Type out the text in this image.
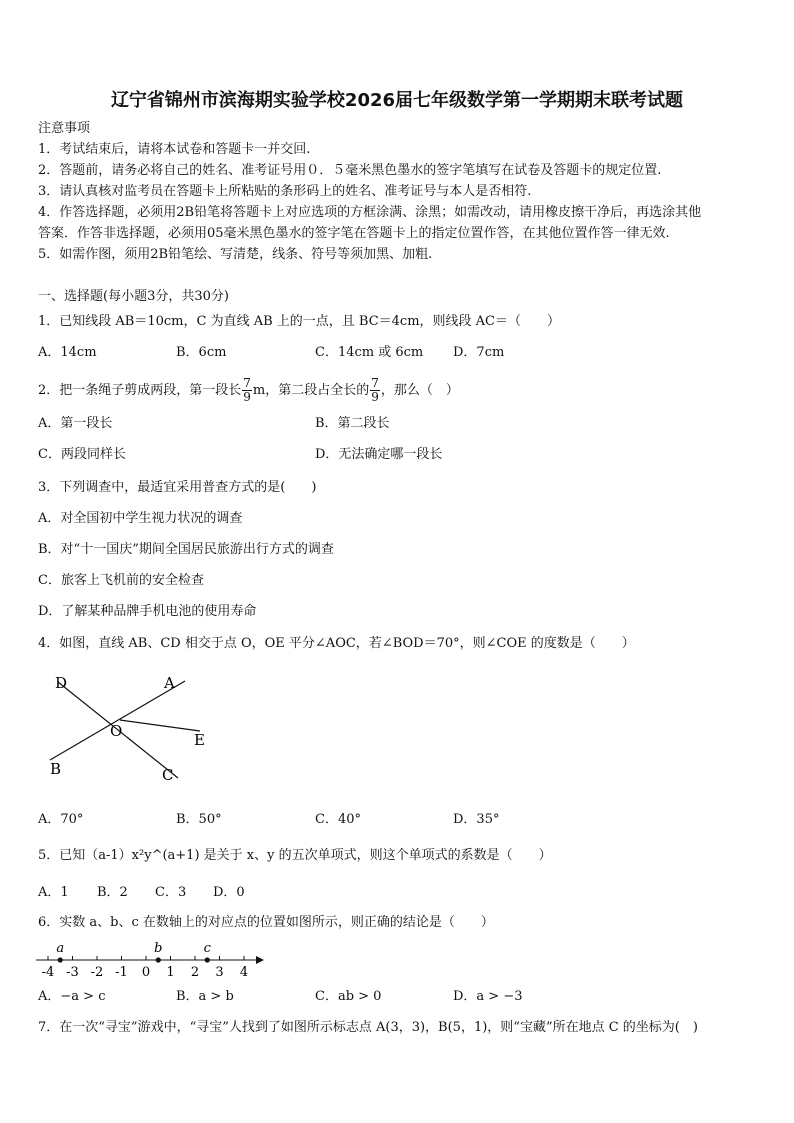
辽宁省锦州市滨海期实验学校2026届七年级数学第一学期期末联考试题
注意事项
1．考试结束后，请将本试卷和答题卡一并交回.
2．答题前，请务必将自己的姓名、准考证号用０．５毫米黑色墨水的签字笔填写在试卷及答题卡的规定位置.
3．请认真核对监考员在答题卡上所粘贴的条形码上的姓名、准考证号与本人是否相符.
4．作答选择题，必须用2B铅笔将答题卡上对应选项的方框涂满、涂黑；如需改动，请用橡皮擦干净后，再选涂其他
答案．作答非选择题，必须用05毫米黑色墨水的签字笔在答题卡上的指定位置作答，在其他位置作答一律无效.
5．如需作图，须用2B铅笔绘、写清楚，线条、符号等须加黑、加粗.
一、选择题(每小题3分，共30分)
1．已知线段 AB＝10cm，C 为直线 AB 上的一点，且 BC＝4cm，则线段 AC＝（　　）
A．14cm	B．6cm	C．14cm 或 6cm D．7cm
2．把一条绳子剪成两段，第一段长 $\frac{7}{9}$ m，第二段占全长的 $\frac{7}{9}$ ，那么（　）
A．第一段长	B．第二段长
C．两段同样长	D．无法确定哪一段长
3．下列调查中，最适宜采用普查方式的是(　　)
A．对全国初中学生视力状况的调查
B．对“十一国庆”期间全国居民旅游出行方式的调查
C．旅客上飞机前的安全检查
D．了解某种品牌手机电池的使用寿命
4．如图，直线 AB、CD 相交于点 O，OE 平分∠AOC，若∠BOD＝70°，则∠COE 的度数是（　　）
D	A
O	E
B	C
A．70°	B．50°	C．40°	D．35°
5．已知（a-1）x²y^(a+1) 是关于 x、y 的五次单项式，则这个单项式的系数是（　　）
A．1 B．2 C．3 D．0
6．实数 a、b、c 在数轴上的对应点的位置如图所示，则正确的结论是（　　）
-4 -3 -2 -1 0 1 2 3 4
a	b	c
A．−a > c	B．a > b	C．ab > 0	D．a > −3
7．在一次“寻宝”游戏中，“寻宝”人找到了如图所示标志点 A(3，3)，B(5，1)，则“宝藏”所在地点 C 的坐标为(　)
